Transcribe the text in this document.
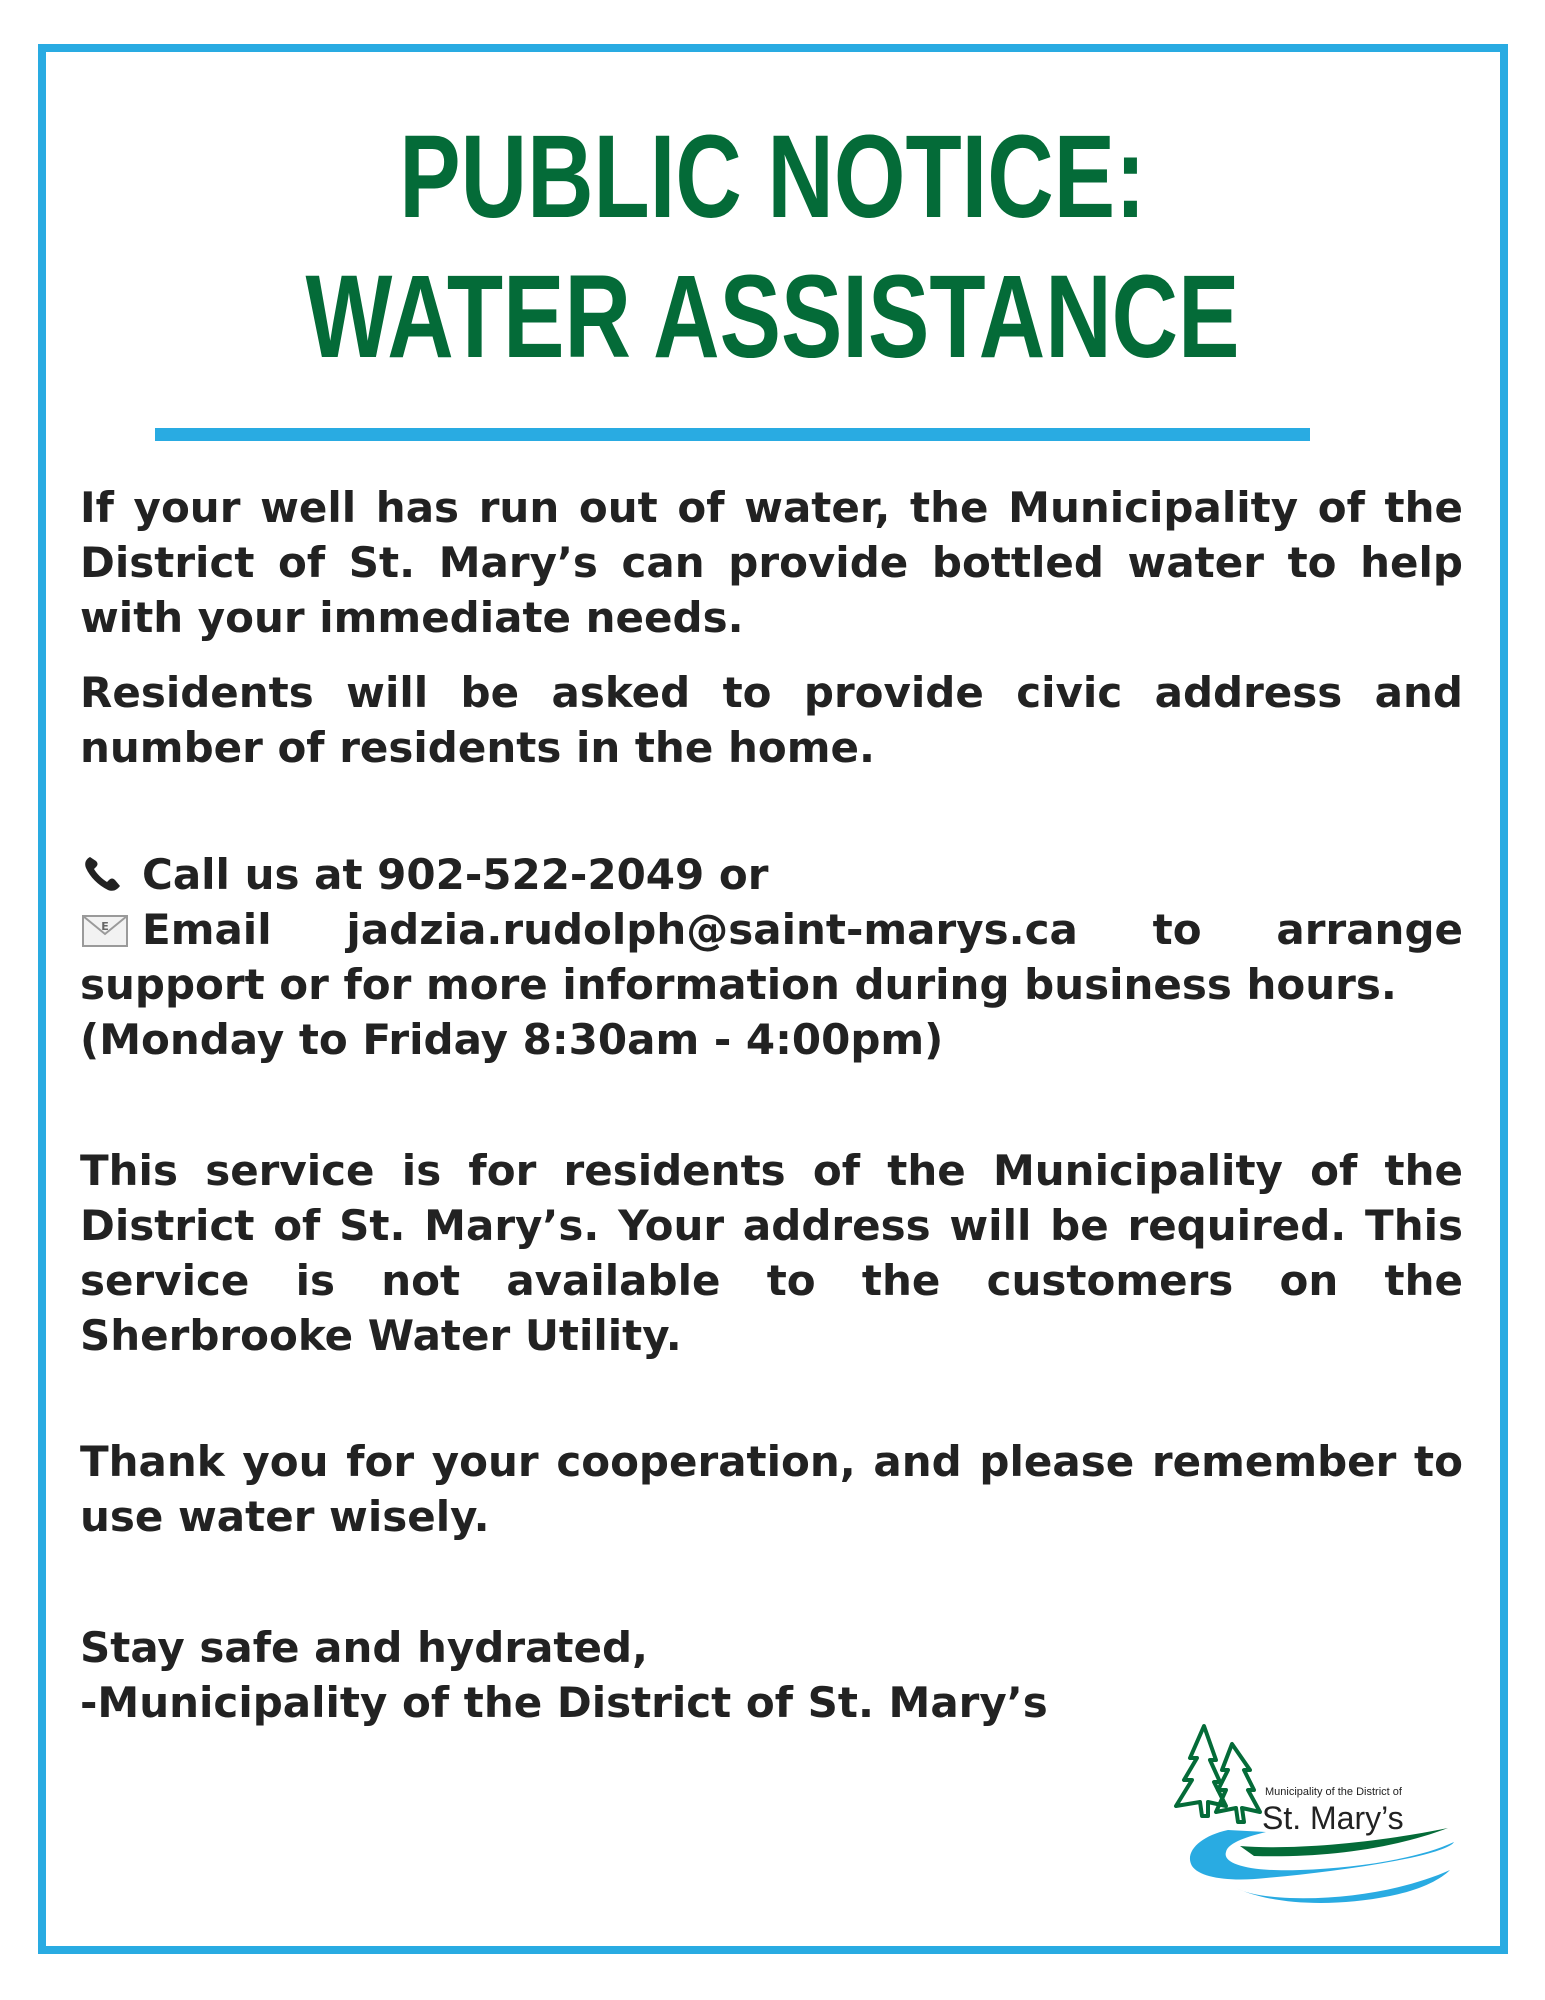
PUBLIC NOTICE:
WATER ASSISTANCE

If your well has run out of water, the Municipality of the District of St. Mary’s can provide bottled water to help with your immediate needs.

Residents will be asked to provide civic address and number of residents in the home.

Call us at 902-522-2049 or
E Email jadzia.rudolph@saint-marys.ca to arrange support or for more information during business hours.
(Monday to Friday 8:30am - 4:00pm)

This service is for residents of the Municipality of the District of St. Mary’s. Your address will be required. This service is not available to the customers on the Sherbrooke Water Utility.

Thank you for your cooperation, and please remember to use water wisely.

Stay safe and hydrated,
-Municipality of the District of St. Mary’s
Municipality of the District of
St. Mary’s
